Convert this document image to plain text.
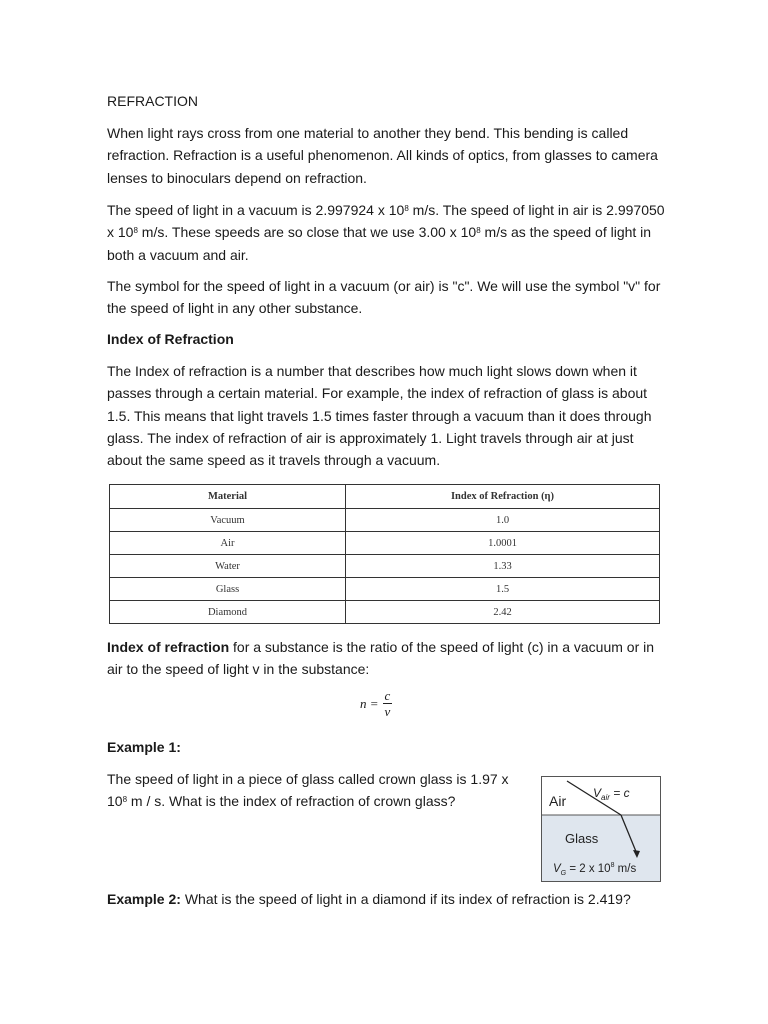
REFRACTION

When light rays cross from one material to another they bend. This bending is called refraction. Refraction is a useful phenomenon. All kinds of optics, from glasses to camera lenses to binoculars depend on refraction.

The speed of light in a vacuum is 2.997924 x $10^8$ m/s. The speed of light in air is 2.997050 x $10^8$ m/s. These speeds are so close that we use 3.00 x $10^8$ m/s as the speed of light in both a vacuum and air.

The symbol for the speed of light in a vacuum (or air) is "c". We will use the symbol "v" for the speed of light in any other substance.

Index of Refraction

The Index of refraction is a number that describes how much light slows down when it passes through a certain material. For example, the index of refraction of glass is about 1.5. This means that light travels 1.5 times faster through a vacuum than it does through glass. The index of refraction of air is approximately 1. Light travels through air at just about the same speed as it travels through a vacuum.

Material	Index of Refraction (η)
Vacuum	1.0
Air	1.0001
Water	1.33
Glass	1.5
Diamond	2.42

Index of refraction for a substance is the ratio of the speed of light (c) in a vacuum or in air to the speed of light v in the substance:

$n = \frac{c}{v}$

Example 1:

The speed of light in a piece of glass called crown glass is 1.97 x $10^8$ m / s. What is the index of refraction of crown glass?	Air
Glass
$V_{air} = c$
$V_G = 2$ x $10^8$ m/s

Example 2: What is the speed of light in a diamond if its index of refraction is 2.419?
